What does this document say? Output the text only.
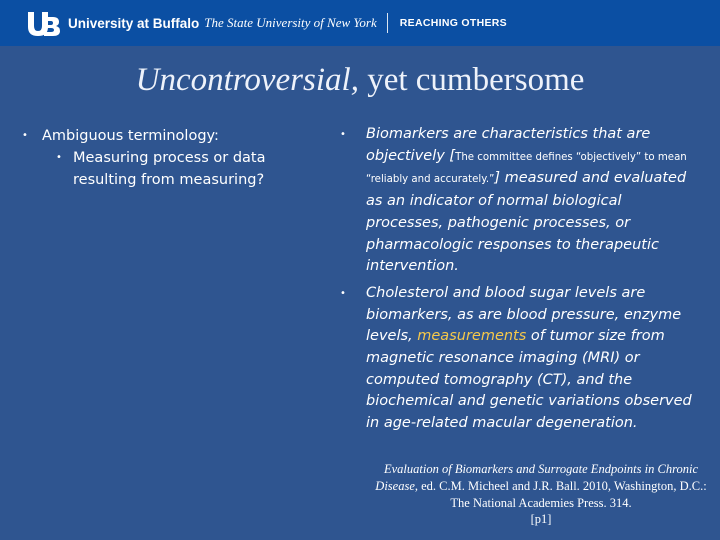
University at Buffalo The State University of New York REACHING OTHERS
Uncontroversial, yet cumbersome
• Ambiguous terminology:
• Measuring process or data resulting from measuring?
• Biomarkers are characteristics that are objectively [The committee defines “objectively” to mean “reliably and accurately.”] measured and evaluated as an indicator of normal biological processes, pathogenic processes, or pharmacologic responses to therapeutic intervention.
• Cholesterol and blood sugar levels are biomarkers, as are blood pressure, enzyme levels, measurements of tumor size from magnetic resonance imaging (MRI) or computed tomography (CT), and the biochemical and genetic variations observed in age-related macular degeneration.
Evaluation of Biomarkers and Surrogate Endpoints in Chronic Disease, ed. C.M. Micheel and J.R. Ball. 2010, Washington, D.C.: The National Academies Press. 314.
[p1]
